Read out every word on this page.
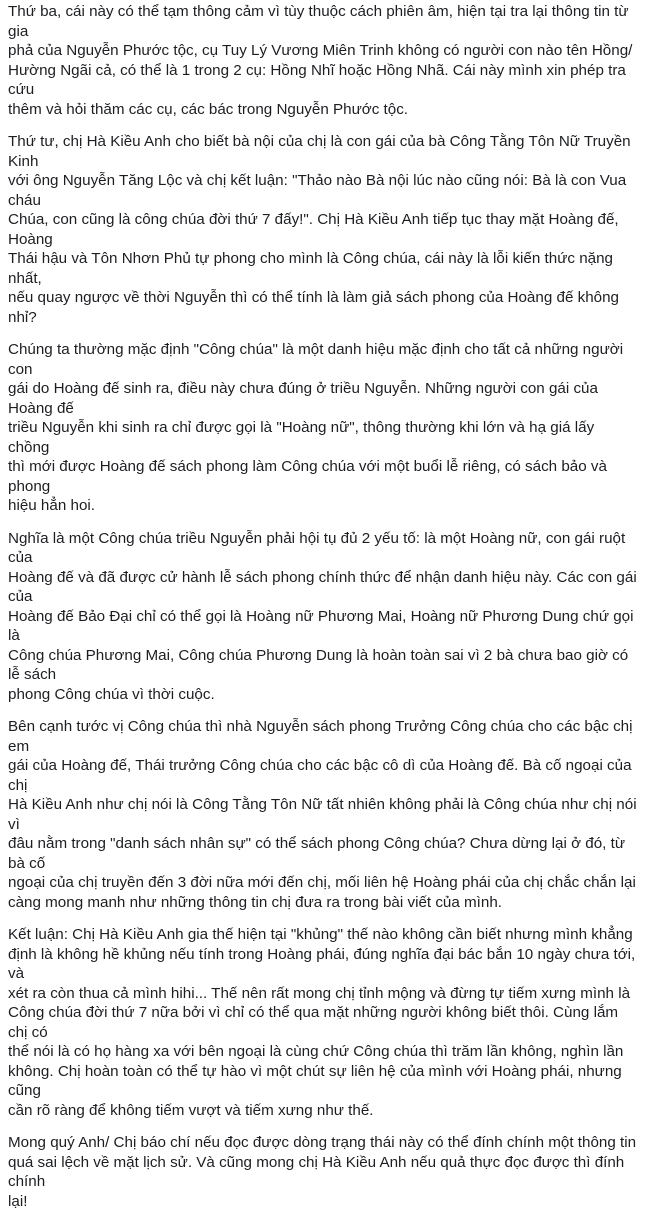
Thứ ba, cái này có thể tạm thông cảm vì tùy thuộc cách phiên âm, hiện tại tra lại thông tin từ gia
phả của Nguyễn Phước tộc, cụ Tuy Lý Vương Miên Trinh không có người con nào tên Hồng/
Hường Ngãi cả, có thể là 1 trong 2 cụ: Hồng Nhĩ hoặc Hồng Nhã. Cái này mình xin phép tra cứu
thêm và hỏi thăm các cụ, các bác trong Nguyễn Phước tộc.

Thứ tư, chị Hà Kiều Anh cho biết bà nội của chị là con gái của bà Công Tằng Tôn Nữ Truyền Kinh
với ông Nguyễn Tăng Lộc và chị kết luận: "Thảo nào Bà nội lúc nào cũng nói: Bà là con Vua cháu
Chúa, con cũng là công chúa đời thứ 7 đấy!". Chị Hà Kiều Anh tiếp tục thay mặt Hoàng đế, Hoàng
Thái hậu và Tôn Nhơn Phủ tự phong cho mình là Công chúa, cái này là lỗi kiến thức nặng nhất,
nếu quay ngược về thời Nguyễn thì có thể tính là làm giả sách phong của Hoàng đế không nhỉ?

Chúng ta thường mặc định "Công chúa" là một danh hiệu mặc định cho tất cả những người con
gái do Hoàng đế sinh ra, điều này chưa đúng ở triều Nguyễn. Những người con gái của Hoàng đế
triều Nguyễn khi sinh ra chỉ được gọi là "Hoàng nữ", thông thường khi lớn và hạ giá lấy chồng
thì mới được Hoàng đế sách phong làm Công chúa với một buổi lễ riêng, có sách bảo và phong
hiệu hẳn hoi.

Nghĩa là một Công chúa triều Nguyễn phải hội tụ đủ 2 yếu tố: là một Hoàng nữ, con gái ruột của
Hoàng đế và đã được cử hành lễ sách phong chính thức để nhận danh hiệu này. Các con gái của
Hoàng đế Bảo Đại chỉ có thể gọi là Hoàng nữ Phương Mai, Hoàng nữ Phương Dung chứ gọi là
Công chúa Phương Mai, Công chúa Phương Dung là hoàn toàn sai vì 2 bà chưa bao giờ có lễ sách
phong Công chúa vì thời cuộc.

Bên cạnh tước vị Công chúa thì nhà Nguyễn sách phong Trưởng Công chúa cho các bậc chị em
gái của Hoàng đế, Thái trưởng Công chúa cho các bậc cô dì của Hoàng đế. Bà cố ngoại của chị
Hà Kiều Anh như chị nói là Công Tằng Tôn Nữ tất nhiên không phải là Công chúa như chị nói vì
đâu nằm trong "danh sách nhân sự" có thể sách phong Công chúa? Chưa dừng lại ở đó, từ bà cố
ngoại của chị truyền đến 3 đời nữa mới đến chị, mối liên hệ Hoàng phái của chị chắc chắn lại
càng mong manh như những thông tin chị đưa ra trong bài viết của mình.

Kết luận: Chị Hà Kiều Anh gia thế hiện tại "khủng" thế nào không cần biết nhưng mình khẳng
định là không hề khủng nếu tính trong Hoàng phái, đúng nghĩa đại bác bắn 10 ngày chưa tới, và
xét ra còn thua cả mình hihi... Thế nên rất mong chị tỉnh mộng và đừng tự tiếm xưng mình là
Công chúa đời thứ 7 nữa bởi vì chỉ có thể qua mặt những người không biết thôi. Cùng lắm chị có
thể nói là có họ hàng xa với bên ngoại là cùng chứ Công chúa thì trăm lần không, nghìn lần
không. Chị hoàn toàn có thể tự hào vì một chút sự liên hệ của mình với Hoàng phái, nhưng cũng
cần rõ ràng để không tiếm vượt và tiếm xưng như thế.

Mong quý Anh/ Chị báo chí nếu đọc được dòng trạng thái này có thể đính chính một thông tin
quá sai lệch về mặt lịch sử. Và cũng mong chị Hà Kiều Anh nếu quả thực đọc được thì đính chính
lại!
